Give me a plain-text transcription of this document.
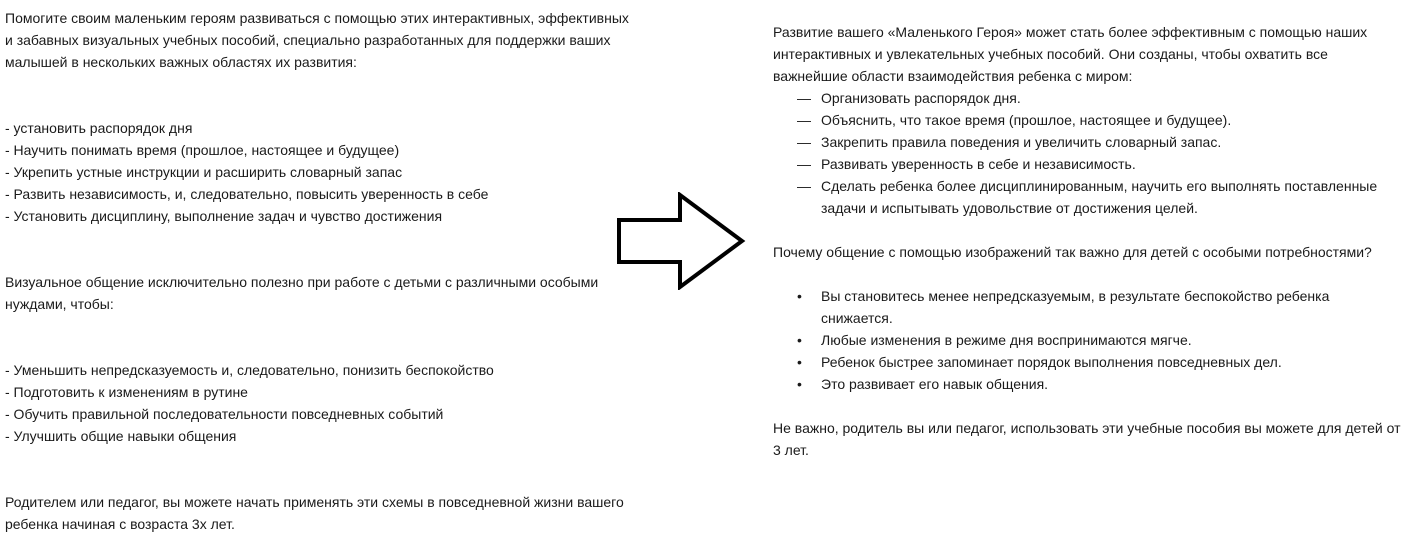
Помогите своим маленьким героям развиваться с помощью этих интерактивных, эффективных и забавных визуальных учебных пособий, специально разработанных для поддержки ваших малышей в нескольких важных областях их развития:

- установить распорядок дня
- Научить понимать время (прошлое, настоящее и будущее)
- Укрепить устные инструкции и расширить словарный запас
- Развить независимость, и, следовательно, повысить уверенность в себе
- Установить дисциплину, выполнение задач и чувство достижения

Визуальное общение исключительно полезно при работе с детьми с различными особыми нуждами, чтобы:

- Уменьшить непредсказуемость и, следовательно, понизить беспокойство
- Подготовить к изменениям в рутине
- Обучить правильной последовательности повседневных событий
- Улучшить общие навыки общения

Родителем или педагог, вы можете начать применять эти схемы в повседневной жизни вашего ребенка начиная с возраста 3х лет.

Развитие вашего «Маленького Героя» может стать более эффективным с помощью наших интерактивных и увлекательных учебных пособий. Они созданы, чтобы охватить все важнейшие области взаимодействия ребенка с миром:

— Организовать распорядок дня.
— Объяснить, что такое время (прошлое, настоящее и будущее).
— Закрепить правила поведения и увеличить словарный запас.
— Развивать уверенность в себе и независимость.
— Сделать ребенка более дисциплинированным, научить его выполнять поставленные задачи и испытывать удовольствие от достижения целей.

Почему общение с помощью изображений так важно для детей с особыми потребностями?

• Вы становитесь менее непредсказуемым, в результате беспокойство ребенка снижается.
• Любые изменения в режиме дня воспринимаются мягче.
• Ребенок быстрее запоминает порядок выполнения повседневных дел.
• Это развивает его навык общения.

Не важно, родитель вы или педагог, использовать эти учебные пособия вы можете для детей от 3 лет.
